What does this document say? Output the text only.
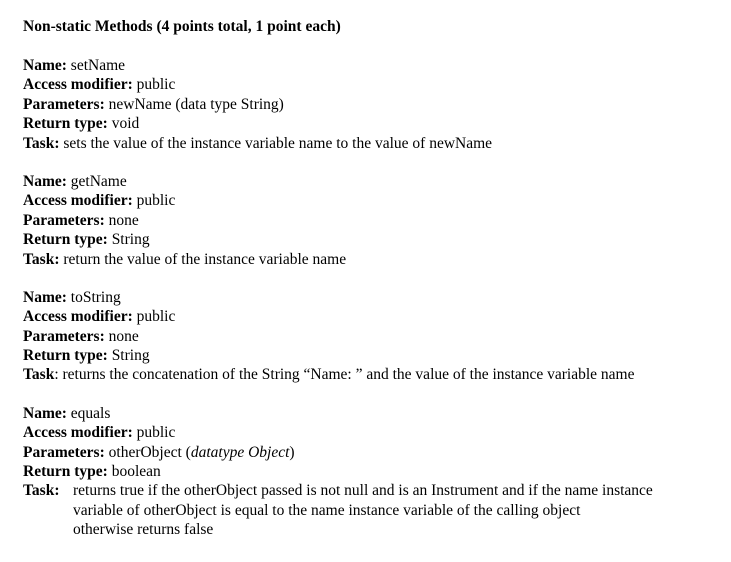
Non-static Methods (4 points total, 1 point each)
Name: setName
Access modifier: public
Parameters: newName (data type String)
Return type: void
Task: sets the value of the instance variable name to the value of newName
Name: getName
Access modifier: public
Parameters: none
Return type: String
Task: return the value of the instance variable name
Name: toString
Access modifier: public
Parameters: none
Return type: String
Task: returns the concatenation of the String “Name: ” and the value of the instance variable name
Name: equals
Access modifier: public
Parameters: otherObject (datatype Object)
Return type: boolean
Task: returns true if the otherObject passed is not null and is an Instrument and if the name instance
variable of otherObject is equal to the name instance variable of the calling object
otherwise returns false
